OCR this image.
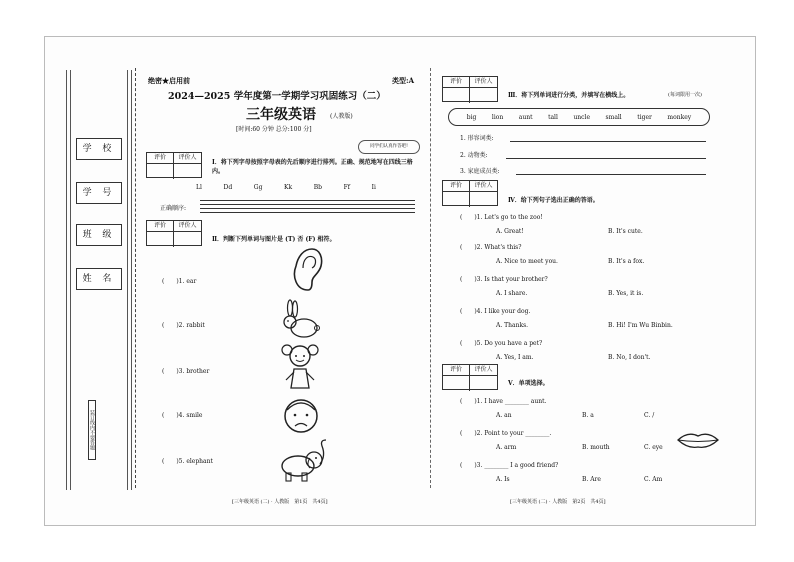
学 校
学 号
班 级
姓 名
装订线内不要答题
绝密★启用前	类型:A
2024—2025 学年度第一学期学习巩固练习（二）
三年级英语 (人教版)
[时间:60 分钟 总分:100 分]
同学们认真作答吧!
评价	评价人
Ⅰ．将下列字母按照字母表的先后顺序进行排列。正确、规范地写在四线三格内。
Ll	Dd	Gg	Kk	Bb	Ff	Ii
正确顺序:
评价	评价人
Ⅱ．判断下列单词与图片是 (T) 否 (F) 相符。
(　　)1. ear
(　　)2. rabbit
(　　)3. brother
(　　)4. smile
(　　)5. elephant
评价	评价人
Ⅲ．将下列单词进行分类，并填写在横线上。	(每词限用一次)
big	lion	aunt	tall	uncle	small	tiger	monkey
1. 形容词类:
2. 动物类:
3. 家庭成员类:
评价	评价人
Ⅳ．给下列句子选出正确的答语。
(　　)1. Let's go to the zoo!
A. Great!	B. It's cute.
(　　)2. What's this?
A. Nice to meet you.	B. It's a fox.
(　　)3. Is that your brother?
A. I share.	B. Yes, it is.
(　　)4. I like your dog.
A. Thanks.	B. Hi! I'm Wu Binbin.
(　　)5. Do you have a pet?
A. Yes, I am.	B. No, I don't.
评价	评价人
Ⅴ．单项选择。
(　　)1. I have ________ aunt.
A. an	B. a	C. /
(　　)2. Point to your ________.
A. arm	B. mouth	C. eye
(　　)3. ________ I a good friend?
A. Is	B. Are	C. Am
[三年级英语 (二) · 人教版　第1页　共4页]	[三年级英语 (二) · 人教版　第2页　共4页]
